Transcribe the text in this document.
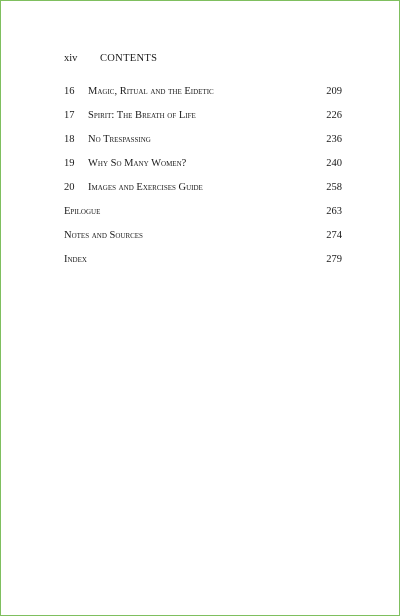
xiv	CONTENTS
16	Magic, Ritual and the Eidetic	209
17	Spirit: The Breath of Life	226
18	No Trespassing	236
19	Why So Many Women?	240
20	Images and Exercises Guide	258
Epilogue	263
Notes and Sources	274
Index	279
